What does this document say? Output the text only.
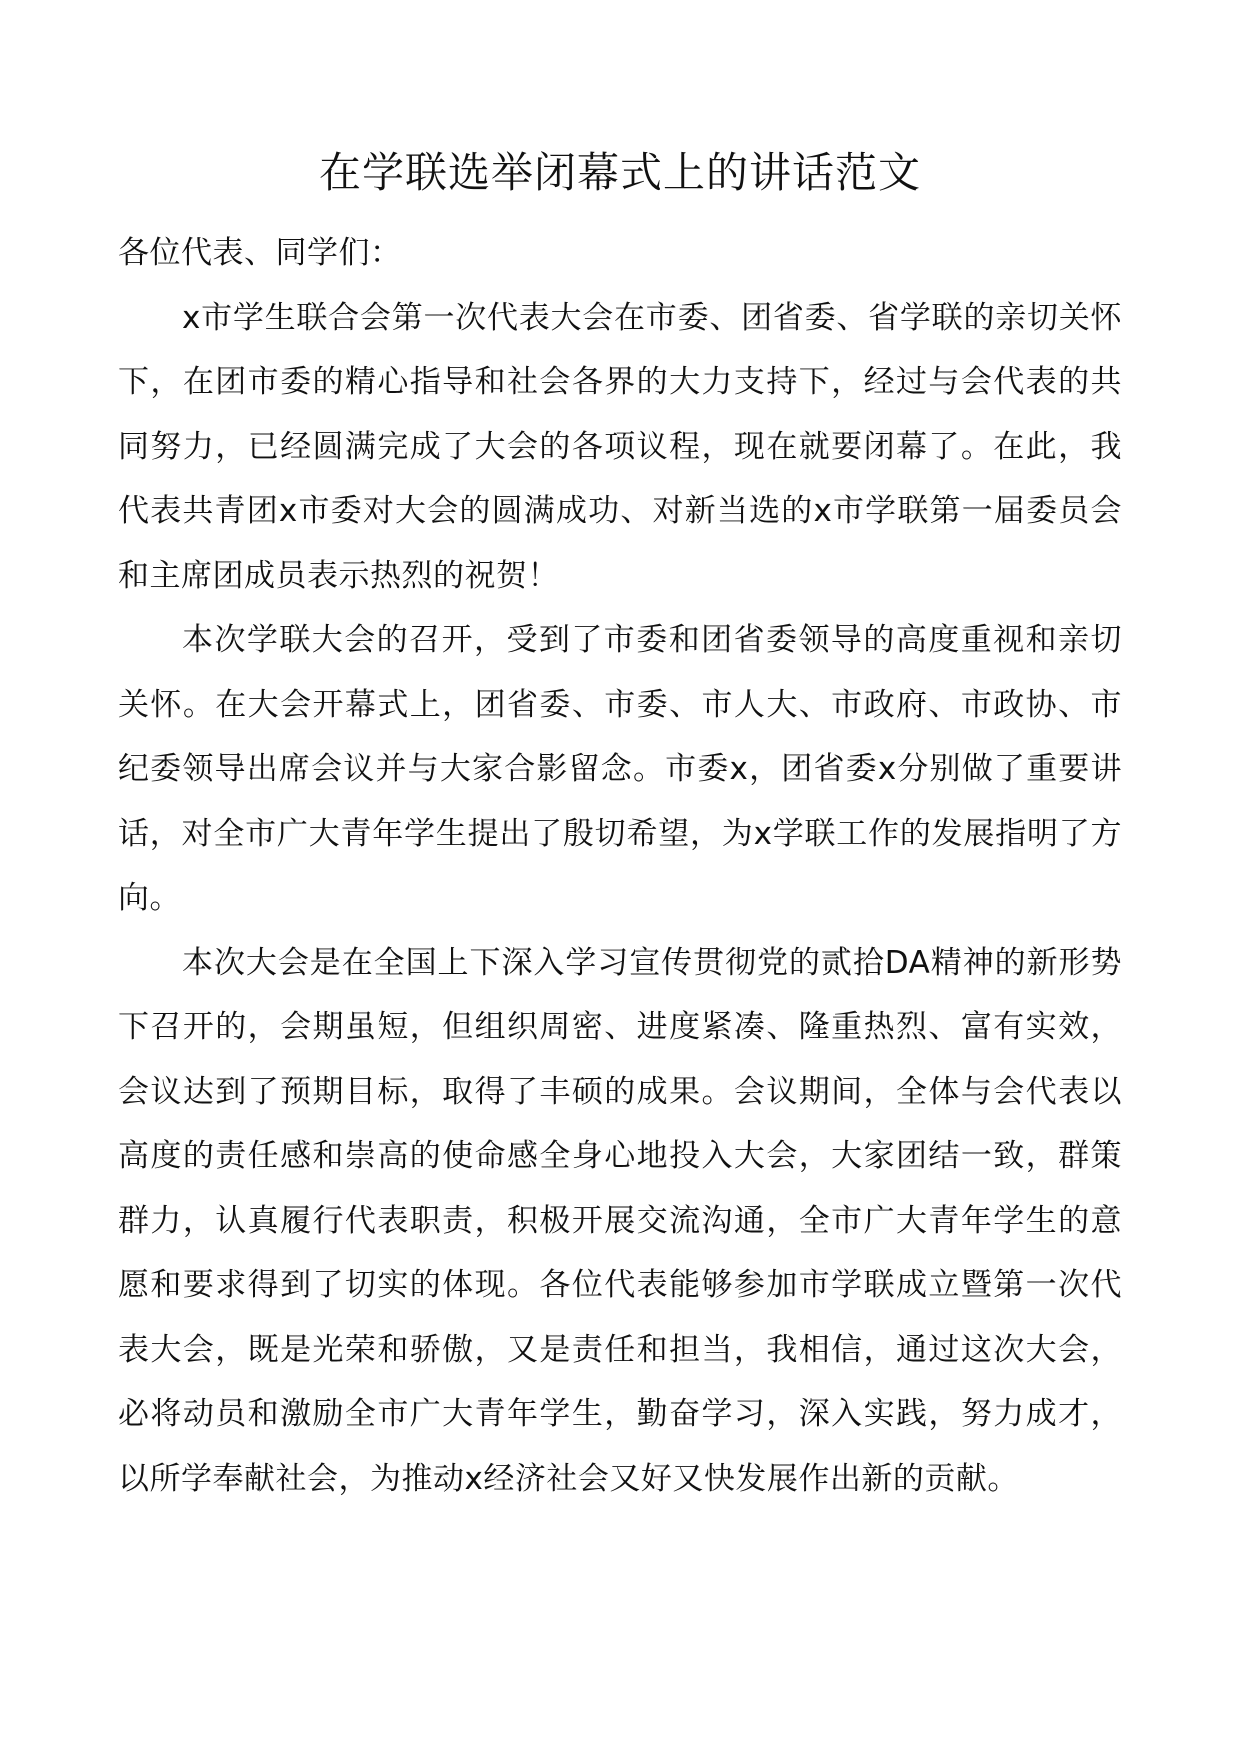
在学联选举闭幕式上的讲话范文

各位代表、同学们：

x市学生联合会第一次代表大会在市委、团省委、省学联的亲切关怀下，在团市委的精心指导和社会各界的大力支持下，经过与会代表的共同努力，已经圆满完成了大会的各项议程，现在就要闭幕了。在此，我代表共青团x市委对大会的圆满成功、对新当选的x市学联第一届委员会和主席团成员表示热烈的祝贺！

本次学联大会的召开，受到了市委和团省委领导的高度重视和亲切关怀。在大会开幕式上，团省委、市委、市人大、市政府、市政协、市纪委领导出席会议并与大家合影留念。市委x，团省委x分别做了重要讲话，对全市广大青年学生提出了殷切希望，为x学联工作的发展指明了方向。

本次大会是在全国上下深入学习宣传贯彻党的贰拾DA精神的新形势下召开的，会期虽短，但组织周密、进度紧凑、隆重热烈、富有实效，会议达到了预期目标，取得了丰硕的成果。会议期间，全体与会代表以高度的责任感和崇高的使命感全身心地投入大会，大家团结一致，群策群力，认真履行代表职责，积极开展交流沟通，全市广大青年学生的意愿和要求得到了切实的体现。各位代表能够参加市学联成立暨第一次代表大会，既是光荣和骄傲，又是责任和担当，我相信，通过这次大会，必将动员和激励全市广大青年学生，勤奋学习，深入实践，努力成才，以所学奉献社会，为推动x经济社会又好又快发展作出新的贡献。
